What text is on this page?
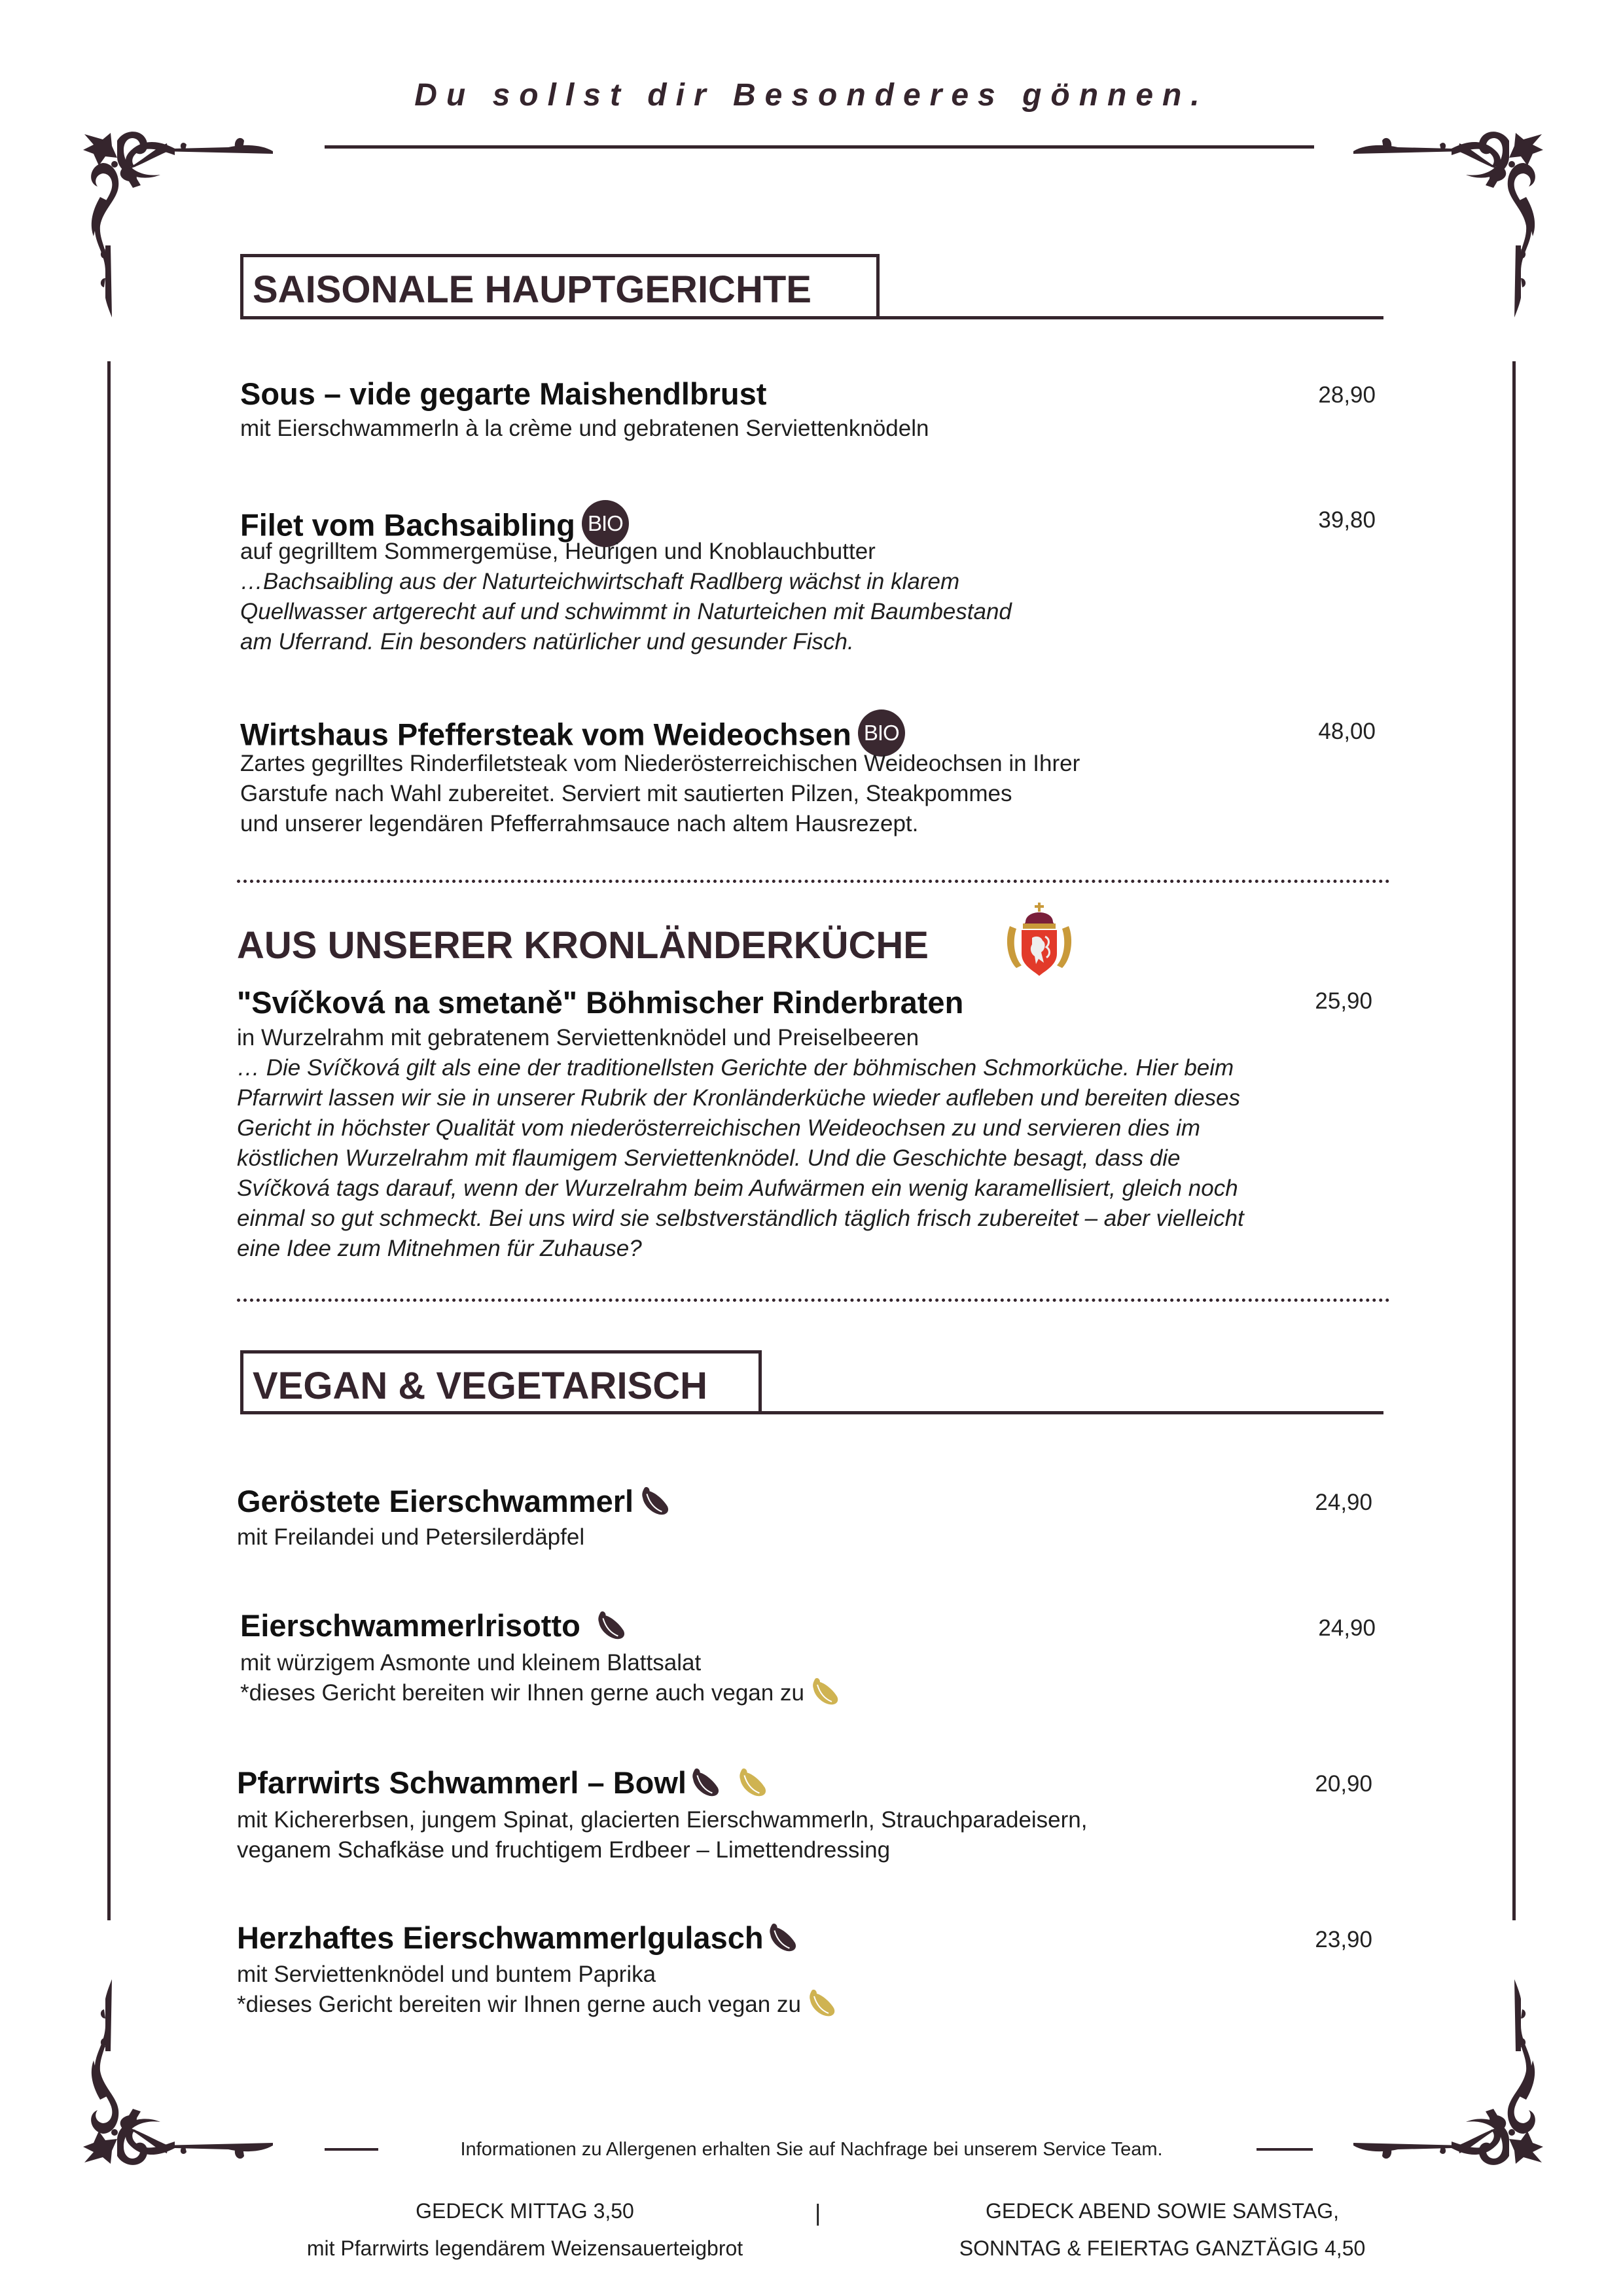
Du sollst dir Besonderes gönnen.
SAISONALE HAUPTGERICHTE
Sous – vide gegarte Maishendlbrust	28,90
mit Eierschwammerln à la crème und gebratenen Serviettenknödeln
Filet vom Bachsaibling BIO	39,80
auf gegrilltem Sommergemüse, Heurigen und Knoblauchbutter
…Bachsaibling aus der Naturteichwirtschaft Radlberg wächst in klarem
Quellwasser artgerecht auf und schwimmt in Naturteichen mit Baumbestand
am Uferrand. Ein besonders natürlicher und gesunder Fisch.
Wirtshaus Pfeffersteak vom Weideochsen BIO	48,00
Zartes gegrilltes Rinderfiletsteak vom Niederösterreichischen Weideochsen in Ihrer
Garstufe nach Wahl zubereitet. Serviert mit sautierten Pilzen, Steakpommes
und unserer legendären Pfefferrahmsauce nach altem Hausrezept.
AUS UNSERER KRONLÄNDERKÜCHE
"Svíčková na smetaně" Böhmischer Rinderbraten	25,90
in Wurzelrahm mit gebratenem Serviettenknödel und Preiselbeeren
… Die Svíčková gilt als eine der traditionellsten Gerichte der böhmischen Schmorküche. Hier beim
Pfarrwirt lassen wir sie in unserer Rubrik der Kronländerküche wieder aufleben und bereiten dieses
Gericht in höchster Qualität vom niederösterreichischen Weideochsen zu und servieren dies im
köstlichen Wurzelrahm mit flaumigem Serviettenknödel. Und die Geschichte besagt, dass die
Svíčková tags darauf, wenn der Wurzelrahm beim Aufwärmen ein wenig karamellisiert, gleich noch
einmal so gut schmeckt. Bei uns wird sie selbstverständlich täglich frisch zubereitet – aber vielleicht
eine Idee zum Mitnehmen für Zuhause?
VEGAN & VEGETARISCH
Geröstete Eierschwammerl	24,90
mit Freilandei und Petersilerdäpfel
Eierschwammerlrisotto	24,90
mit würzigem Asmonte und kleinem Blattsalat
*dieses Gericht bereiten wir Ihnen gerne auch vegan zu
Pfarrwirts Schwammerl – Bowl	20,90
mit Kichererbsen, jungem Spinat, glacierten Eierschwammerln, Strauchparadeisern,
veganem Schafkäse und fruchtigem Erdbeer – Limettendressing
Herzhaftes Eierschwammerlgulasch	23,90
mit Serviettenknödel und buntem Paprika
*dieses Gericht bereiten wir Ihnen gerne auch vegan zu
Informationen zu Allergenen erhalten Sie auf Nachfrage bei unserem Service Team.
GEDECK MITTAG 3,50
mit Pfarrwirts legendärem Weizensauerteigbrot
|	GEDECK ABEND SOWIE SAMSTAG,
SONNTAG & FEIERTAG GANZTÄGIG 4,50
